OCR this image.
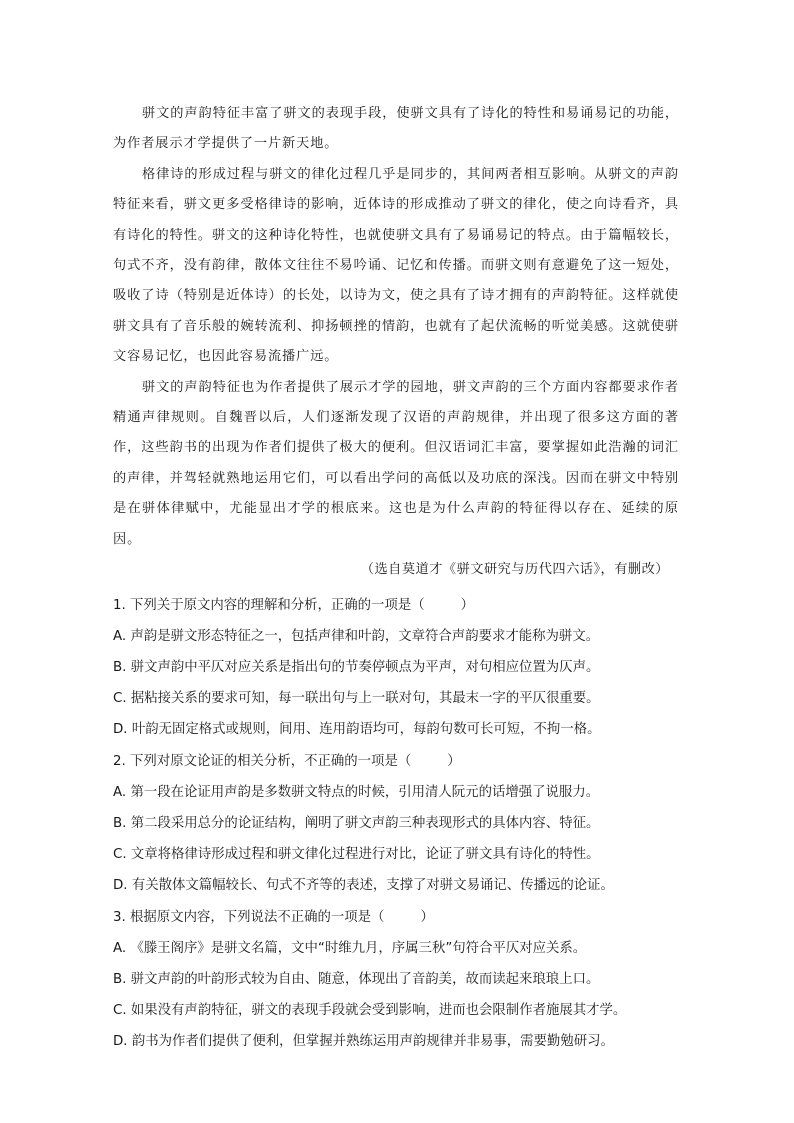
骈文的声韵特征丰富了骈文的表现手段，使骈文具有了诗化的特性和易诵易记的功能，为作者展示才学提供了一片新天地。

格律诗的形成过程与骈文的律化过程几乎是同步的，其间两者相互影响。从骈文的声韵特征来看，骈文更多受格律诗的影响，近体诗的形成推动了骈文的律化，使之向诗看齐，具有诗化的特性。骈文的这种诗化特性，也就使骈文具有了易诵易记的特点。由于篇幅较长，句式不齐，没有韵律，散体文往往不易吟诵、记忆和传播。而骈文则有意避免了这一短处，吸收了诗（特别是近体诗）的长处，以诗为文，使之具有了诗才拥有的声韵特征。这样就使骈文具有了音乐般的婉转流利、抑扬顿挫的情韵，也就有了起伏流畅的听觉美感。这就使骈文容易记忆，也因此容易流播广远。

骈文的声韵特征也为作者提供了展示才学的园地，骈文声韵的三个方面内容都要求作者精通声律规则。自魏晋以后，人们逐渐发现了汉语的声韵规律，并出现了很多这方面的著作，这些韵书的出现为作者们提供了极大的便利。但汉语词汇丰富，要掌握如此浩瀚的词汇的声律，并驾轻就熟地运用它们，可以看出学问的高低以及功底的深浅。因而在骈文中特别是在骈体律赋中，尤能显出才学的根底来。这也是为什么声韵的特征得以存在、延续的原因。

（选自莫道才《骈文研究与历代四六话》，有删改）
1. 下列关于原文内容的理解和分析，正确的一项是（	）
A. 声韵是骈文形态特征之一，包括声律和叶韵，文章符合声韵要求才能称为骈文。
B. 骈文声韵中平仄对应关系是指出句的节奏停顿点为平声，对句相应位置为仄声。
C. 据粘接关系的要求可知，每一联出句与上一联对句，其最末一字的平仄很重要。
D. 叶韵无固定格式或规则，间用、连用韵语均可，每韵句数可长可短，不拘一格。
2. 下列对原文论证的相关分析，不正确的一项是（	）
A. 第一段在论证用声韵是多数骈文特点的时候，引用清人阮元的话增强了说服力。
B. 第二段采用总分的论证结构，阐明了骈文声韵三种表现形式的具体内容、特征。
C. 文章将格律诗形成过程和骈文律化过程进行对比，论证了骈文具有诗化的特性。
D. 有关散体文篇幅较长、句式不齐等的表述，支撑了对骈文易诵记、传播远的论证。
3. 根据原文内容，下列说法不正确的一项是（	）
A. 《滕王阁序》是骈文名篇，文中“时维九月，序属三秋”句符合平仄对应关系。
B. 骈文声韵的叶韵形式较为自由、随意，体现出了音韵美，故而读起来琅琅上口。
C. 如果没有声韵特征，骈文的表现手段就会受到影响，进而也会限制作者施展其才学。
D. 韵书为作者们提供了便利，但掌握并熟练运用声韵规律并非易事，需要勤勉研习。
